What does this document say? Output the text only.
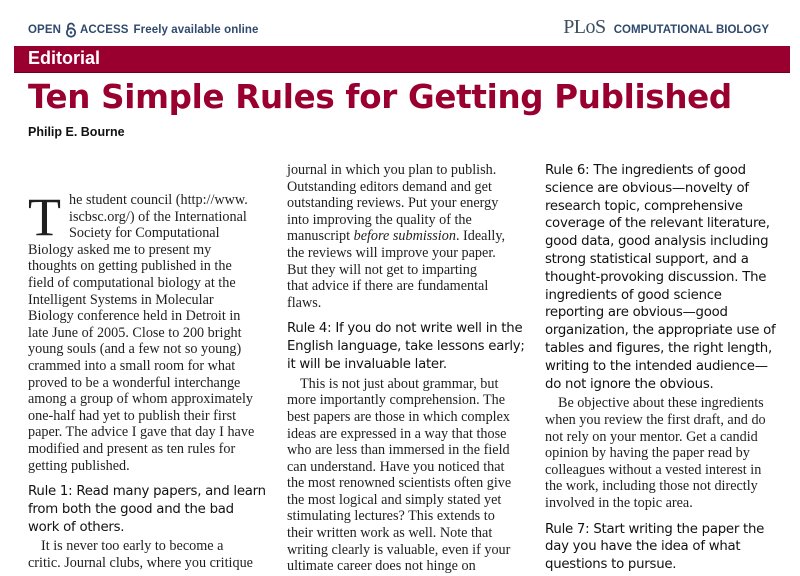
OPEN ACCESS Freely available online	PLoS COMPUTATIONAL BIOLOGY
Editorial
Ten Simple Rules for Getting Published
Philip E. Bourne
T he student council (http://www.
iscbsc.org/) of the International
Society for Computational
Biology asked me to present my
thoughts on getting published in the
field of computational biology at the
Intelligent Systems in Molecular
Biology conference held in Detroit in
late June of 2005. Close to 200 bright
young souls (and a few not so young)
crammed into a small room for what
proved to be a wonderful interchange
among a group of whom approximately
one-half had yet to publish their first
paper. The advice I gave that day I have
modified and present as ten rules for
getting published.
Rule 1: Read many papers, and learn
from both the good and the bad
work of others.
It is never too early to become a
critic. Journal clubs, where you critique
journal in which you plan to publish.
Outstanding editors demand and get
outstanding reviews. Put your energy
into improving the quality of the
manuscript before submission. Ideally,
the reviews will improve your paper.
But they will not get to imparting
that advice if there are fundamental
flaws.
Rule 4: If you do not write well in the
English language, take lessons early;
it will be invaluable later.
This is not just about grammar, but
more importantly comprehension. The
best papers are those in which complex
ideas are expressed in a way that those
who are less than immersed in the field
can understand. Have you noticed that
the most renowned scientists often give
the most logical and simply stated yet
stimulating lectures? This extends to
their written work as well. Note that
writing clearly is valuable, even if your
ultimate career does not hinge on
Rule 6: The ingredients of good
science are obvious—novelty of
research topic, comprehensive
coverage of the relevant literature,
good data, good analysis including
strong statistical support, and a
thought-provoking discussion. The
ingredients of good science
reporting are obvious—good
organization, the appropriate use of
tables and figures, the right length,
writing to the intended audience—
do not ignore the obvious.
Be objective about these ingredients
when you review the first draft, and do
not rely on your mentor. Get a candid
opinion by having the paper read by
colleagues without a vested interest in
the work, including those not directly
involved in the topic area.
Rule 7: Start writing the paper the
day you have the idea of what
questions to pursue.
